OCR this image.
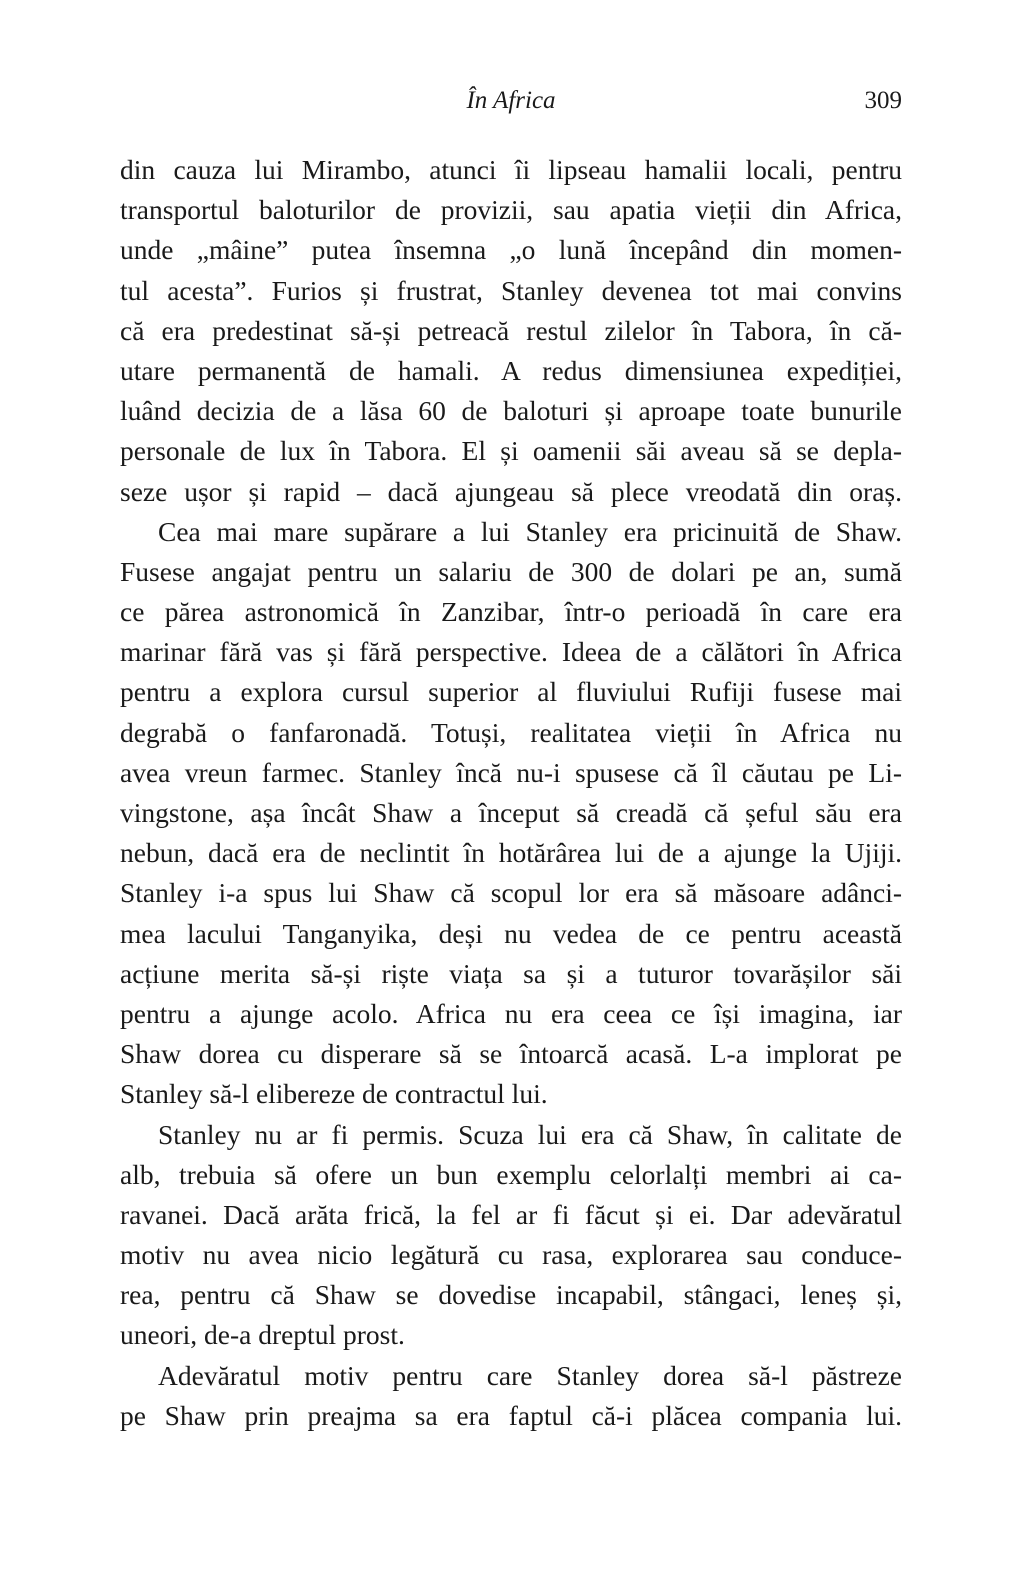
În Africa	309
din cauza lui Mirambo, atunci îi lipseau hamalii locali, pentru
transportul baloturilor de provizii, sau apatia vieții din Africa,
unde „mâine” putea însemna „o lună începând din momen-
tul acesta”. Furios și frustrat, Stanley devenea tot mai convins
că era predestinat să-și petreacă restul zilelor în Tabora, în că-
utare permanentă de hamali. A redus dimensiunea expediției,
luând decizia de a lăsa 60 de baloturi și aproape toate bunurile
personale de lux în Tabora. El și oamenii săi aveau să se depla-
seze ușor și rapid – dacă ajungeau să plece vreodată din oraș.
Cea mai mare supărare a lui Stanley era pricinuită de Shaw.
Fusese angajat pentru un salariu de 300 de dolari pe an, sumă
ce părea astronomică în Zanzibar, într-o perioadă în care era
marinar fără vas și fără perspective. Ideea de a călători în Africa
pentru a explora cursul superior al fluviului Rufiji fusese mai
degrabă o fanfaronadă. Totuși, realitatea vieții în Africa nu
avea vreun farmec. Stanley încă nu-i spusese că îl căutau pe Li-
vingstone, așa încât Shaw a început să creadă că șeful său era
nebun, dacă era de neclintit în hotărârea lui de a ajunge la Ujiji.
Stanley i-a spus lui Shaw că scopul lor era să măsoare adânci-
mea lacului Tanganyika, deși nu vedea de ce pentru această
acțiune merita să-și riște viața sa și a tuturor tovarășilor săi
pentru a ajunge acolo. Africa nu era ceea ce își imagina, iar
Shaw dorea cu disperare să se întoarcă acasă. L-a implorat pe
Stanley să-l elibereze de contractul lui.
Stanley nu ar fi permis. Scuza lui era că Shaw, în calitate de
alb, trebuia să ofere un bun exemplu celorlalți membri ai ca-
ravanei. Dacă arăta frică, la fel ar fi făcut și ei. Dar adevăratul
motiv nu avea nicio legătură cu rasa, explorarea sau conduce-
rea, pentru că Shaw se dovedise incapabil, stângaci, leneș și,
uneori, de-a dreptul prost.
Adevăratul motiv pentru care Stanley dorea să-l păstreze
pe Shaw prin preajma sa era faptul că-i plăcea compania lui.
